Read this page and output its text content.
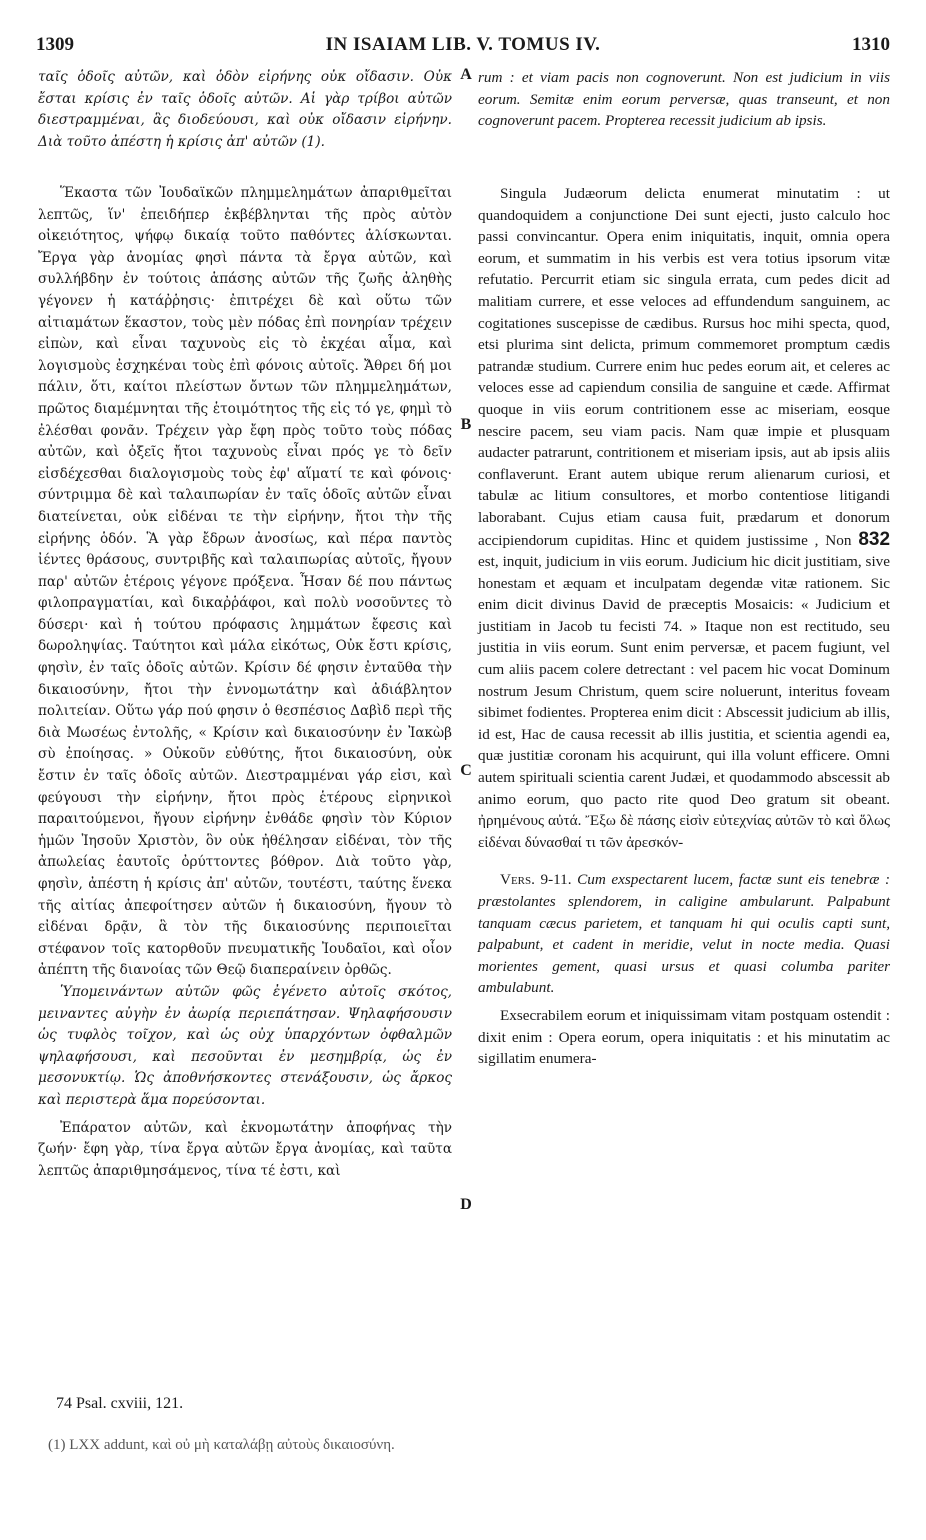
1309	IN ISAIAM LIB. V. TOMUS IV.	1310
A
B
C
D

ταῖς ὁδοῖς αὐτῶν, καὶ ὁδὸν εἰρήνης οὐκ οἴδασιν. Οὐκ ἔσται κρίσις ἐν ταῖς ὁδοῖς αὐτῶν. Αἱ γὰρ τρίβοι αὐτῶν διεστραμμέναι, ἃς διοδεύουσι, καὶ οὐκ οἴδασιν εἰρήνην. Διὰ τοῦτο ἀπέστη ἡ κρίσις ἀπ' αὐτῶν (1).

Ἕκαστα τῶν Ἰουδαϊκῶν πλημμελημάτων ἀπαριθμεῖται λεπτῶς, ἵν' ἐπειδήπερ ἐκβέβληνται τῆς πρὸς αὐτὸν οἰκειότητος, ψήφῳ δικαίᾳ τοῦτο παθόντες ἁλίσκωνται. Ἔργα γὰρ ἀνομίας φησὶ πάντα τὰ ἔργα αὐτῶν, καὶ συλλήβδην ἐν τούτοις ἁπάσης αὐτῶν τῆς ζωῆς ἀληθὴς γέγονεν ἡ κατάῤῥησις· ἐπιτρέχει δὲ καὶ οὕτω τῶν αἰτιαμάτων ἕκαστον, τοὺς μὲν πόδας ἐπὶ πονηρίαν τρέχειν εἰπὼν, καὶ εἶναι ταχυνοὺς εἰς τὸ ἐκχέαι αἷμα, καὶ λογισμοὺς ἐσχηκέναι τοὺς ἐπὶ φόνοις αὐτοῖς. Ἄθρει δή μοι πάλιν, ὅτι, καίτοι πλείστων ὄντων τῶν πλημμελημάτων, πρῶτος διαμέμνηται τῆς ἑτοιμότητος τῆς εἰς τό γε, φημὶ τὸ ἐλέσθαι φονᾶν. Τρέχειν γὰρ ἔφη πρὸς τοῦτο τοὺς πόδας αὐτῶν, καὶ ὀξεῖς ἤτοι ταχυνοὺς εἶναι πρός γε τὸ δεῖν εἰσδέχεσθαι διαλογισμοὺς τοὺς ἐφ' αἵματί τε καὶ φόνοις· σύντριμμα δὲ καὶ ταλαιπωρίαν ἐν ταῖς ὁδοῖς αὐτῶν εἶναι διατείνεται, οὐκ εἰδέναι τε τὴν εἰρήνην, ἤτοι τὴν τῆς εἰρήνης ὁδόν. Ἃ γὰρ ἔδρων ἀνοσίως, καὶ πέρα παντὸς ἰέντες θράσους, συντριβῆς καὶ ταλαιπωρίας αὐτοῖς, ἤγουν παρ' αὐτῶν ἑτέροις γέγονε πρόξενα. Ἦσαν δέ που πάντως φιλοπραγματίαι, καὶ δικαῤῥάφοι, καὶ πολὺ νοσοῦντες τὸ δύσερι· καὶ ἡ τούτου πρόφασις λημμάτων ἔφεσις καὶ δωροληψίας. Ταύτητοι καὶ μάλα εἰκότως, Οὐκ ἔστι κρίσις, φησὶν, ἐν ταῖς ὁδοῖς αὐτῶν. Κρίσιν δέ φησιν ἐνταῦθα τὴν δικαιοσύνην, ἤτοι τὴν ἐννομωτάτην καὶ ἀδιάβλητον πολιτείαν. Οὕτω γάρ πού φησιν ὁ θεσπέσιος Δαβὶδ περὶ τῆς διὰ Μωσέως ἐντολῆς, « Κρίσιν καὶ δικαιοσύνην ἐν Ἰακὼβ σὺ ἐποίησας. » Οὐκοῦν εὐθύτης, ἤτοι δικαιοσύνη, οὐκ ἔστιν ἐν ταῖς ὁδοῖς αὐτῶν. Διεστραμμέναι γάρ εἰσι, καὶ φεύγουσι τὴν εἰρήνην, ἤτοι πρὸς ἑτέρους εἰρηνικοὶ παραιτούμενοι, ἤγουν εἰρήνην ἐνθάδε φησὶν τὸν Κύριον ἡμῶν Ἰησοῦν Χριστὸν, ὃν οὐκ ἠθέλησαν εἰδέναι, τὸν τῆς ἀπωλείας ἑαυτοῖς ὀρύττοντες βόθρον. Διὰ τοῦτο γὰρ, φησὶν, ἀπέστη ἡ κρίσις ἀπ' αὐτῶν, τουτέστι, ταύτης ἕνεκα τῆς αἰτίας ἀπεφοίτησεν αὐτῶν ἡ δικαιοσύνη, ἤγουν τὸ εἰδέναι δρᾷν, ἃ τὸν τῆς δικαιοσύνης περιποιεῖται στέφανον τοῖς κατορθοῦν πνευματικῆς Ἰουδαῖοι, καὶ οἷον ἀπέπτη τῆς διανοίας τῶν Θεῷ διαπεραίνειν ὀρθῶς.

Ὑπομεινάντων αὐτῶν φῶς ἐγένετο αὐτοῖς σκότος, μειναντες αὐγὴν ἐν ἀωρίᾳ περιεπάτησαν. Ψηλαφήσουσιν ὡς τυφλὸς τοῖχον, καὶ ὡς οὐχ ὑπαρχόντων ὀφθαλμῶν ψηλαφήσουσι, καὶ πεσοῦνται ἐν μεσημβρίᾳ, ὡς ἐν μεσονυκτίῳ. Ὡς ἀποθνήσκοντες στενάξουσιν, ὡς ἄρκος καὶ περιστερὰ ἅμα πορεύσονται.

Ἐπάρατον αὐτῶν, καὶ ἐκνομωτάτην ἀποφήνας τὴν ζωήν· ἔφη γὰρ, τίνα ἔργα αὐτῶν ἔργα ἀνομίας, καὶ ταῦτα λεπτῶς ἀπαριθμησάμενος, τίνα τέ ἐστι, καὶ

rum : et viam pacis non cognoverunt. Non est judicium in viis eorum. Semitæ enim eorum perversæ, quas transeunt, et non cognoverunt pacem. Propterea recessit judicium ab ipsis.

Singula Judæorum delicta enumerat minutatim : ut quandoquidem a conjunctione Dei sunt ejecti, justo calculo hoc passi convincantur. Opera enim iniquitatis, inquit, omnia opera eorum, et summatim in his verbis est vera totius ipsorum vitæ refutatio. Percurrit etiam sic singula errata, cum pedes dicit ad malitiam currere, et esse veloces ad effundendum sanguinem, ac cogitationes suscepisse de cædibus. Rursus hoc mihi specta, quod, etsi plurima sint delicta, primum commemoret promptum cædis patrandæ studium. Currere enim huc pedes eorum ait, et celeres ac veloces esse ad capiendum consilia de sanguine et cæde. Affirmat quoque in viis eorum contritionem esse ac miseriam, eosque nescire pacem, seu viam pacis. Nam quæ impie et plusquam audacter patrarunt, contritionem et miseriam ipsis, aut ab ipsis aliis conflaverunt. Erant autem ubique rerum alienarum curiosi, et tabulæ ac litium consultores, et morbo contentiose litigandi laborabant. Cujus etiam causa fuit, prædarum et donorum accipiendorum cupiditas. Hinc et quidem justissime , Non 832 est, inquit, judicium in viis eorum. Judicium hic dicit justitiam, sive honestam et æquam et inculpatam degendæ vitæ rationem. Sic enim dicit divinus David de præceptis Mosaicis: « Judicium et justitiam in Jacob tu fecisti 74. » Itaque non est rectitudo, seu justitia in viis eorum. Sunt enim perversæ, et pacem fugiunt, vel cum aliis pacem colere detrectant : vel pacem hic vocat Dominum nostrum Jesum Christum, quem scire noluerunt, interitus foveam sibimet fodientes. Propterea enim dicit : Abscessit judicium ab illis, id est, Hac de causa recessit ab illis justitia, et scientia agendi ea, quæ justitiæ coronam his acquirunt, qui illa volunt efficere. Omni autem spirituali scientia carent Judæi, et quodammodo abscessit ab animo eorum, quo pacto rite quod Deo gratum sit obeant. ἠρημένους αὐτά. Ἔξω δὲ πάσης εἰσὶν εὐτεχνίας αὐτῶν τὸ καὶ ὅλως εἰδέναι δύνασθαί τι τῶν ἀρεσκόν-

Vers. 9-11. Cum exspectarent lucem, factæ sunt eis tenebræ : præstolantes splendorem, in caligine ambularunt. Palpabunt tanquam cæcus parietem, et tanquam hi qui oculis capti sunt, palpabunt, et cadent in meridie, velut in nocte media. Quasi morientes gement, quasi ursus et quasi columba pariter ambulabunt.

Exsecrabilem eorum et iniquissimam vitam postquam ostendit : dixit enim : Opera eorum, opera iniquitatis : et his minutatim ac sigillatim enumera-

74 Psal. cxviii, 121.
(1) LXX addunt, καὶ οὐ μὴ καταλάβῃ αὐτοὺς δικαιοσύνη.
